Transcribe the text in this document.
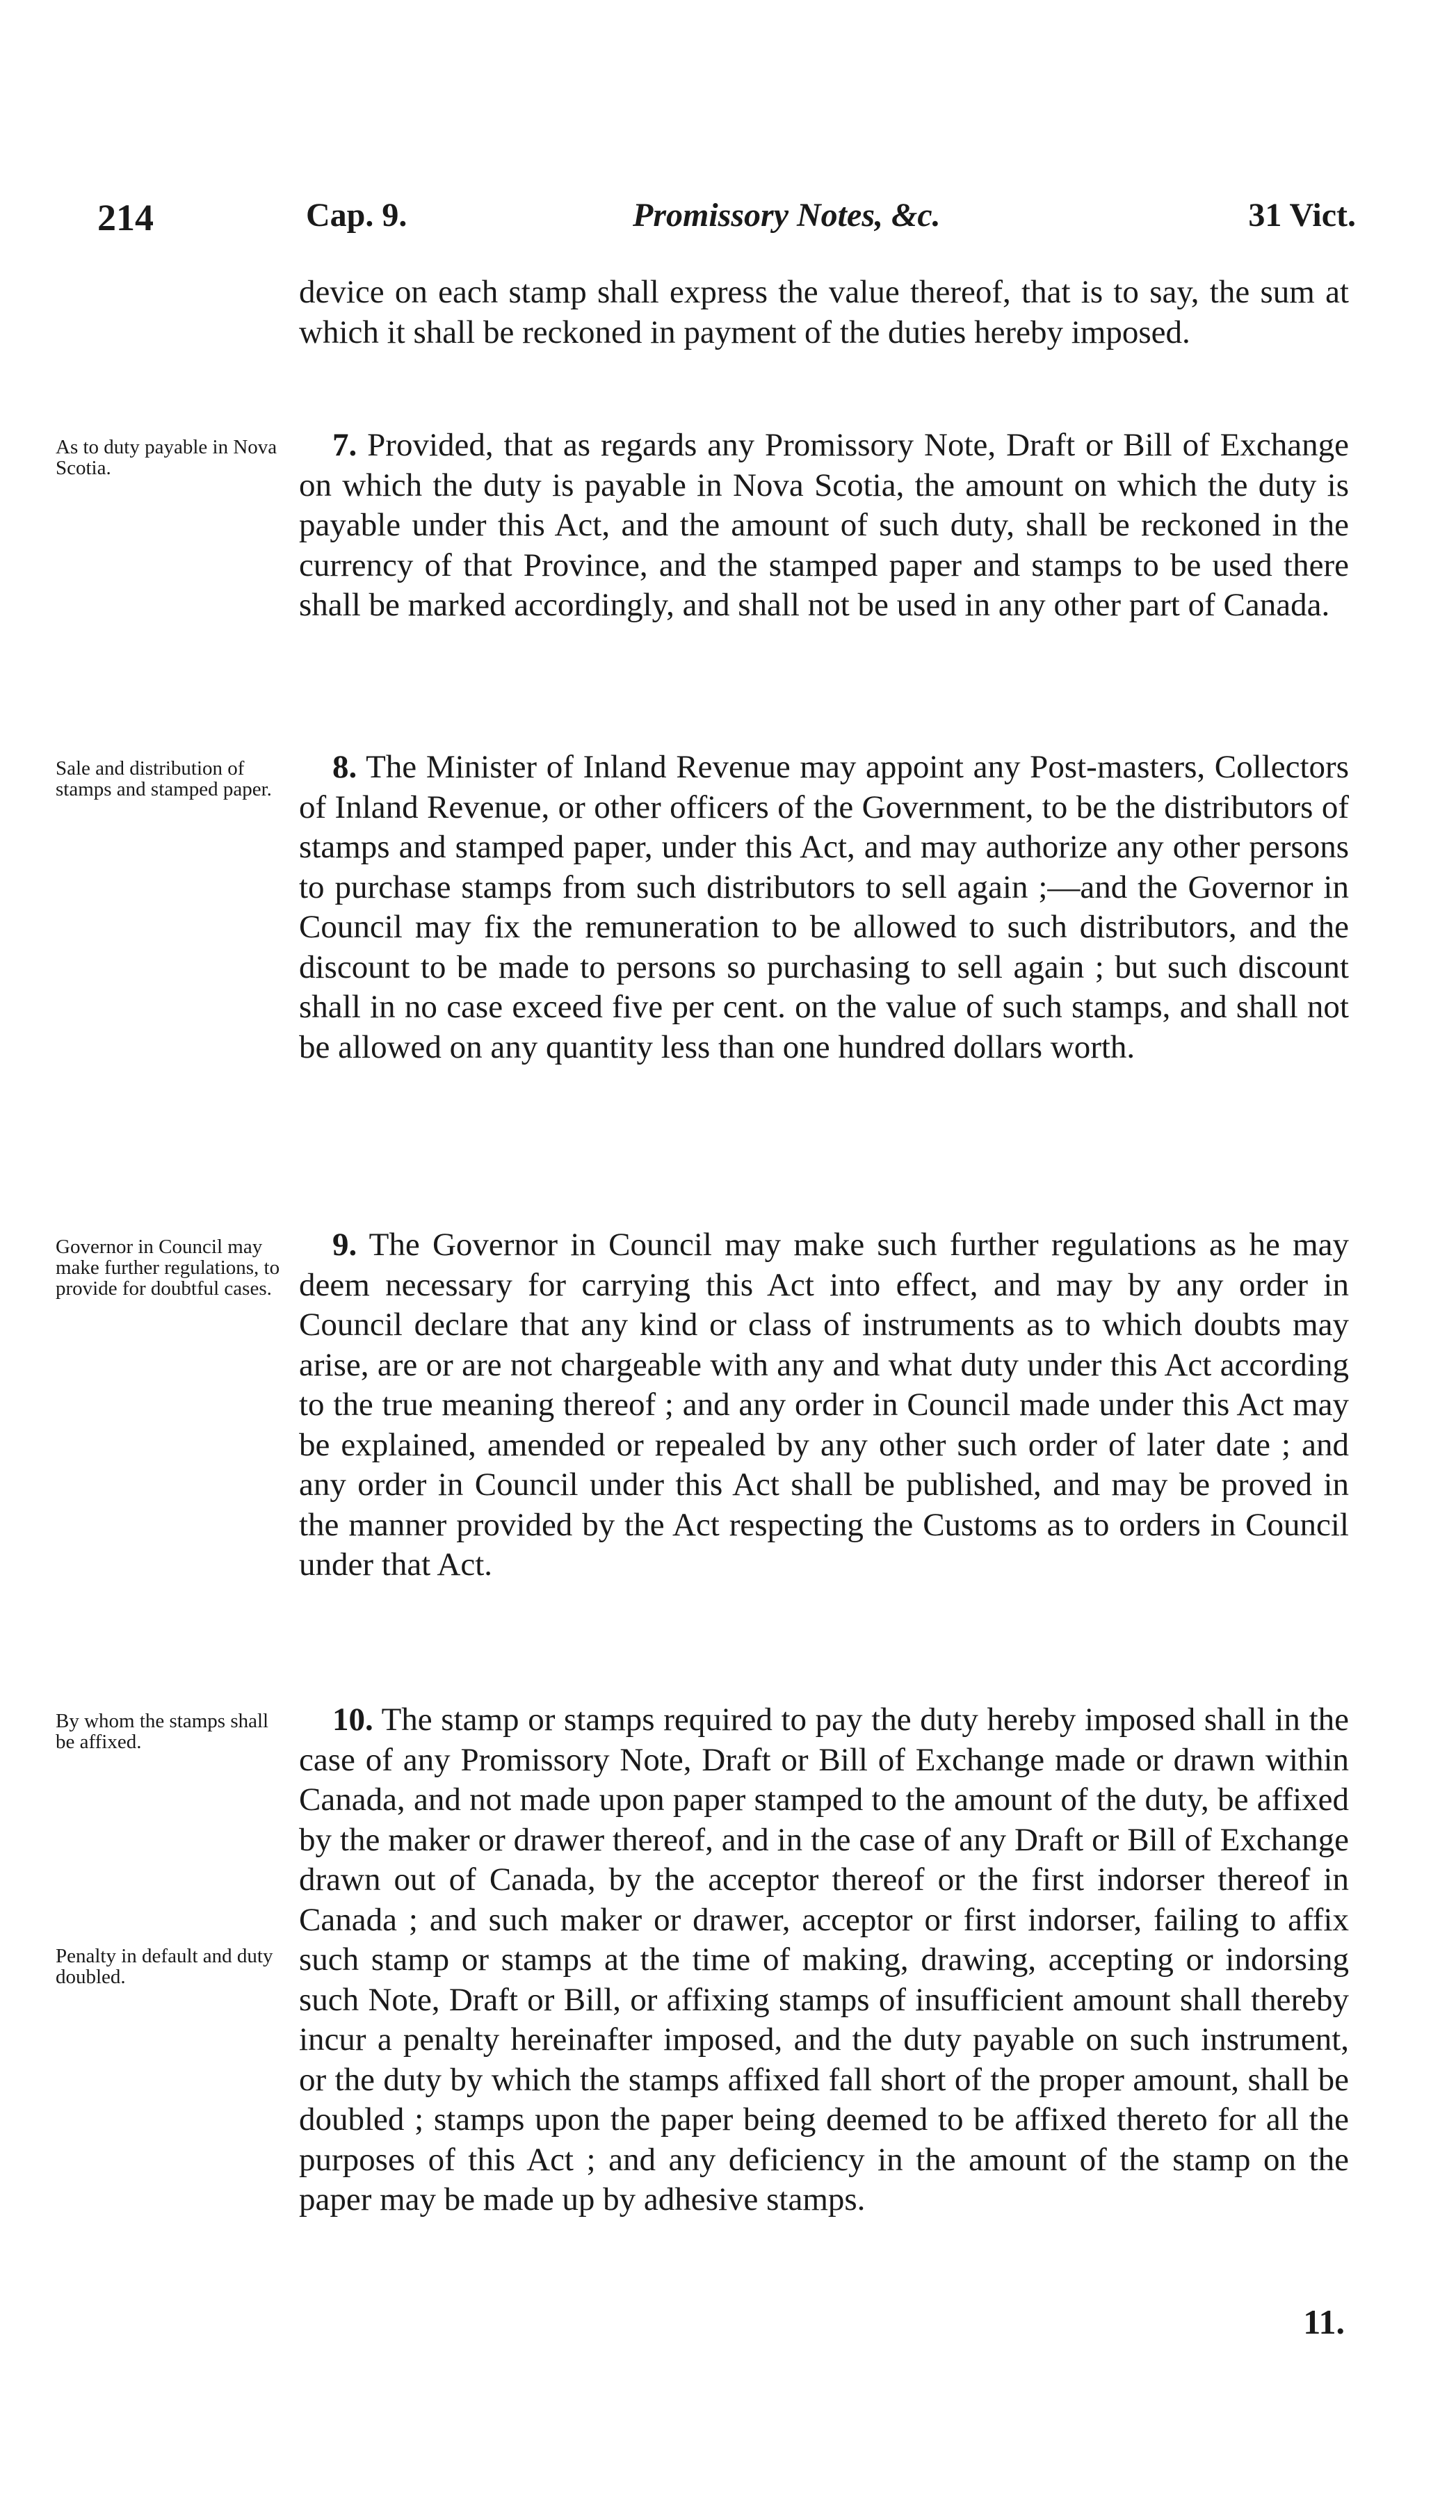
214	Cap. 9.	Promissory Notes, &c.	31 Vict.

device on each stamp shall express the value thereof, that is to say, the sum at which it shall be reckoned in payment of the duties hereby imposed.

As to duty payable in Nova Scotia.

7. Provided, that as regards any Promissory Note, Draft or Bill of Exchange on which the duty is payable in Nova Scotia, the amount on which the duty is payable under this Act, and the amount of such duty, shall be reckoned in the currency of that Province, and the stamped paper and stamps to be used there shall be marked accordingly, and shall not be used in any other part of Canada.

Sale and distribution of stamps and stamped paper.

8. The Minister of Inland Revenue may appoint any Post-masters, Collectors of Inland Revenue, or other officers of the Government, to be the distributors of stamps and stamped paper, under this Act, and may authorize any other persons to purchase stamps from such distributors to sell again ;—and the Governor in Council may fix the remuneration to be allowed to such distributors, and the discount to be made to persons so purchasing to sell again ; but such discount shall in no case exceed five per cent. on the value of such stamps, and shall not be allowed on any quantity less than one hundred dollars worth.

Governor in Council may make further regulations, to provide for doubtful cases.

9. The Governor in Council may make such further regulations as he may deem necessary for carrying this Act into effect, and may by any order in Council declare that any kind or class of instruments as to which doubts may arise, are or are not chargeable with any and what duty under this Act according to the true meaning thereof ; and any order in Council made under this Act may be explained, amended or repealed by any other such order of later date ; and any order in Council under this Act shall be published, and may be proved in the manner provided by the Act respecting the Customs as to orders in Council under that Act.

By whom the stamps shall be affixed.
Penalty in default and duty doubled.

10. The stamp or stamps required to pay the duty hereby imposed shall in the case of any Promissory Note, Draft or Bill of Exchange made or drawn within Canada, and not made upon paper stamped to the amount of the duty, be affixed by the maker or drawer thereof, and in the case of any Draft or Bill of Exchange drawn out of Canada, by the acceptor thereof or the first indorser thereof in Canada ; and such maker or drawer, acceptor or first indorser, failing to affix such stamp or stamps at the time of making, drawing, accepting or indorsing such Note, Draft or Bill, or affixing stamps of insufficient amount shall thereby incur a penalty hereinafter imposed, and the duty payable on such instrument, or the duty by which the stamps affixed fall short of the proper amount, shall be doubled ; stamps upon the paper being deemed to be affixed thereto for all the purposes of this Act ; and any deficiency in the amount of the stamp on the paper may be made up by adhesive stamps.

11.
